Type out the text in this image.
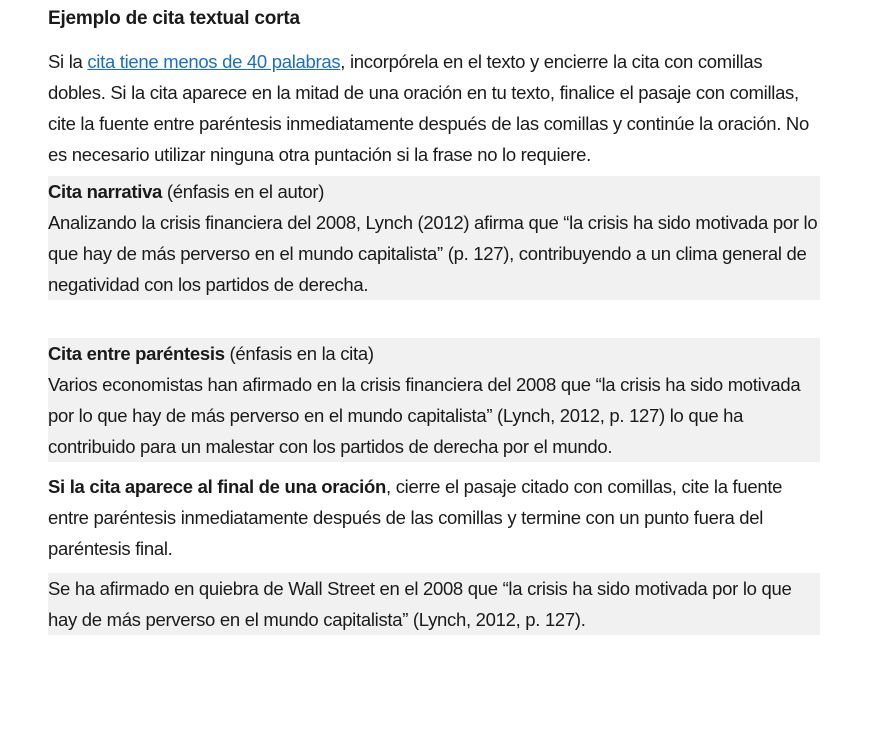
Ejemplo de cita textual corta

Si la cita tiene menos de 40 palabras, incorpórela en el texto y encierre la cita con comillas dobles. Si la cita aparece en la mitad de una oración en tu texto, finalice el pasaje con comillas, cite la fuente entre paréntesis inmediatamente después de las comillas y continúe la oración. No es necesario utilizar ninguna otra puntación si la frase no lo requiere.

Cita narrativa (énfasis en el autor)
Analizando la crisis financiera del 2008, Lynch (2012) afirma que “la crisis ha sido motivada por lo que hay de más perverso en el mundo capitalista” (p. 127), contribuyendo a un clima general de negatividad con los partidos de derecha.
Cita entre paréntesis (énfasis en la cita)
Varios economistas han afirmado en la crisis financiera del 2008 que “la crisis ha sido motivada por lo que hay de más perverso en el mundo capitalista” (Lynch, 2012, p. 127) lo que ha contribuido para un malestar con los partidos de derecha por el mundo.
Si la cita aparece al final de una oración, cierre el pasaje citado con comillas, cite la fuente entre paréntesis inmediatamente después de las comillas y termine con un punto fuera del paréntesis final.
Se ha afirmado en quiebra de Wall Street en el 2008 que “la crisis ha sido motivada por lo que hay de más perverso en el mundo capitalista” (Lynch, 2012, p. 127).
